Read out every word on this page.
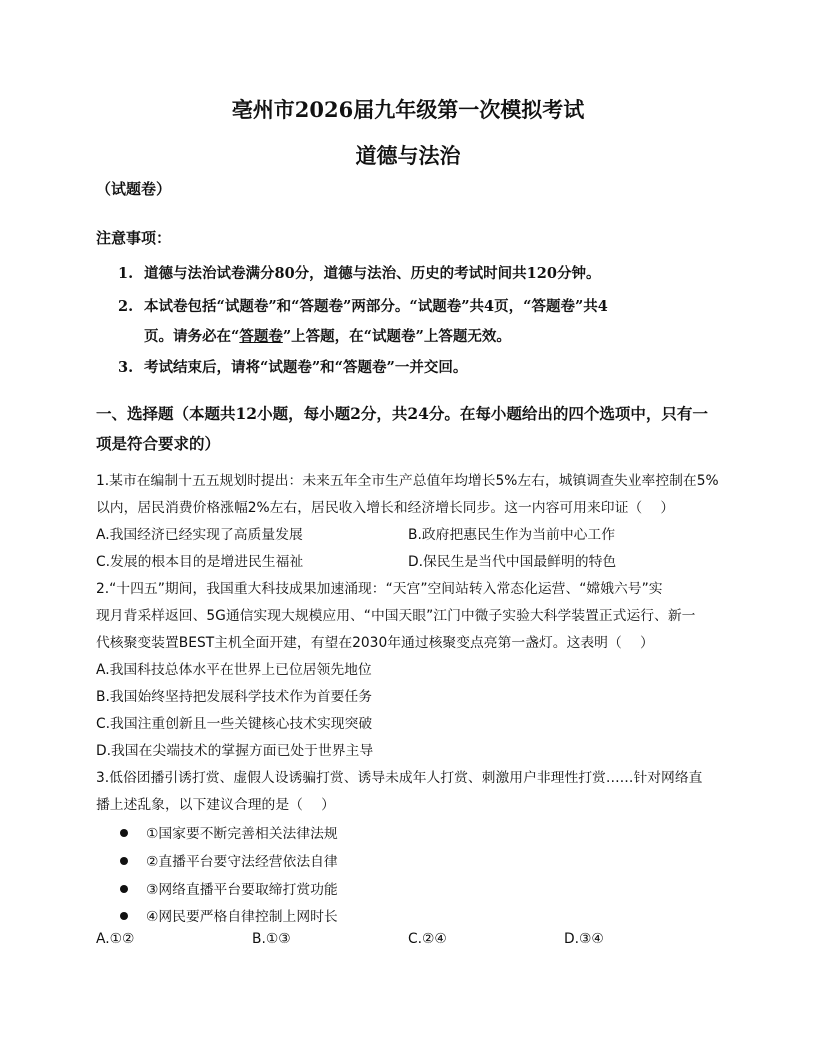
亳州市2026届九年级第一次模拟考试
道德与法治
（试题卷）
注意事项：
1. 道德与法治试卷满分80分，道德与法治、历史的考试时间共120分钟。
2. 本试卷包括“试题卷”和“答题卷”两部分。“试题卷”共4页，“答题卷”共4
页。请务必在“答题卷”上答题，在“试题卷”上答题无效。
3. 考试结束后，请将“试题卷”和“答题卷”一并交回。
一、选择题（本题共12小题，每小题2分，共24分。在每小题给出的四个选项中，只有一
项是符合要求的）
1.某市在编制十五五规划时提出：未来五年全市生产总值年均增长5%左右，城镇调查失业率控制在5%
以内，居民消费价格涨幅2%左右，居民收入增长和经济增长同步。这一内容可用来印证（　 ）
A.我国经济已经实现了高质量发展	B.政府把惠民生作为当前中心工作
C.发展的根本目的是增进民生福祉	D.保民生是当代中国最鲜明的特色
2.“十四五”期间，我国重大科技成果加速涌现：“天宫”空间站转入常态化运营、“嫦娥六号”实
现月背采样返回、5G通信实现大规模应用、“中国天眼”江门中微子实验大科学装置正式运行、新一
代核聚变装置BEST主机全面开建，有望在2030年通过核聚变点亮第一盏灯。这表明（　 ）
A.我国科技总体水平在世界上已位居领先地位
B.我国始终坚持把发展科学技术作为首要任务
C.我国注重创新且一些关键核心技术实现突破
D.我国在尖端技术的掌握方面已处于世界主导
3.低俗团播引诱打赏、虚假人设诱骗打赏、诱导未成年人打赏、刺激用户非理性打赏……针对网络直
播上述乱象，以下建议合理的是（　 ）
①国家要不断完善相关法律法规
②直播平台要守法经营依法自律
③网络直播平台要取缔打赏功能
④网民要严格自律控制上网时长
A.①②	B.①③	C.②④	D.③④
